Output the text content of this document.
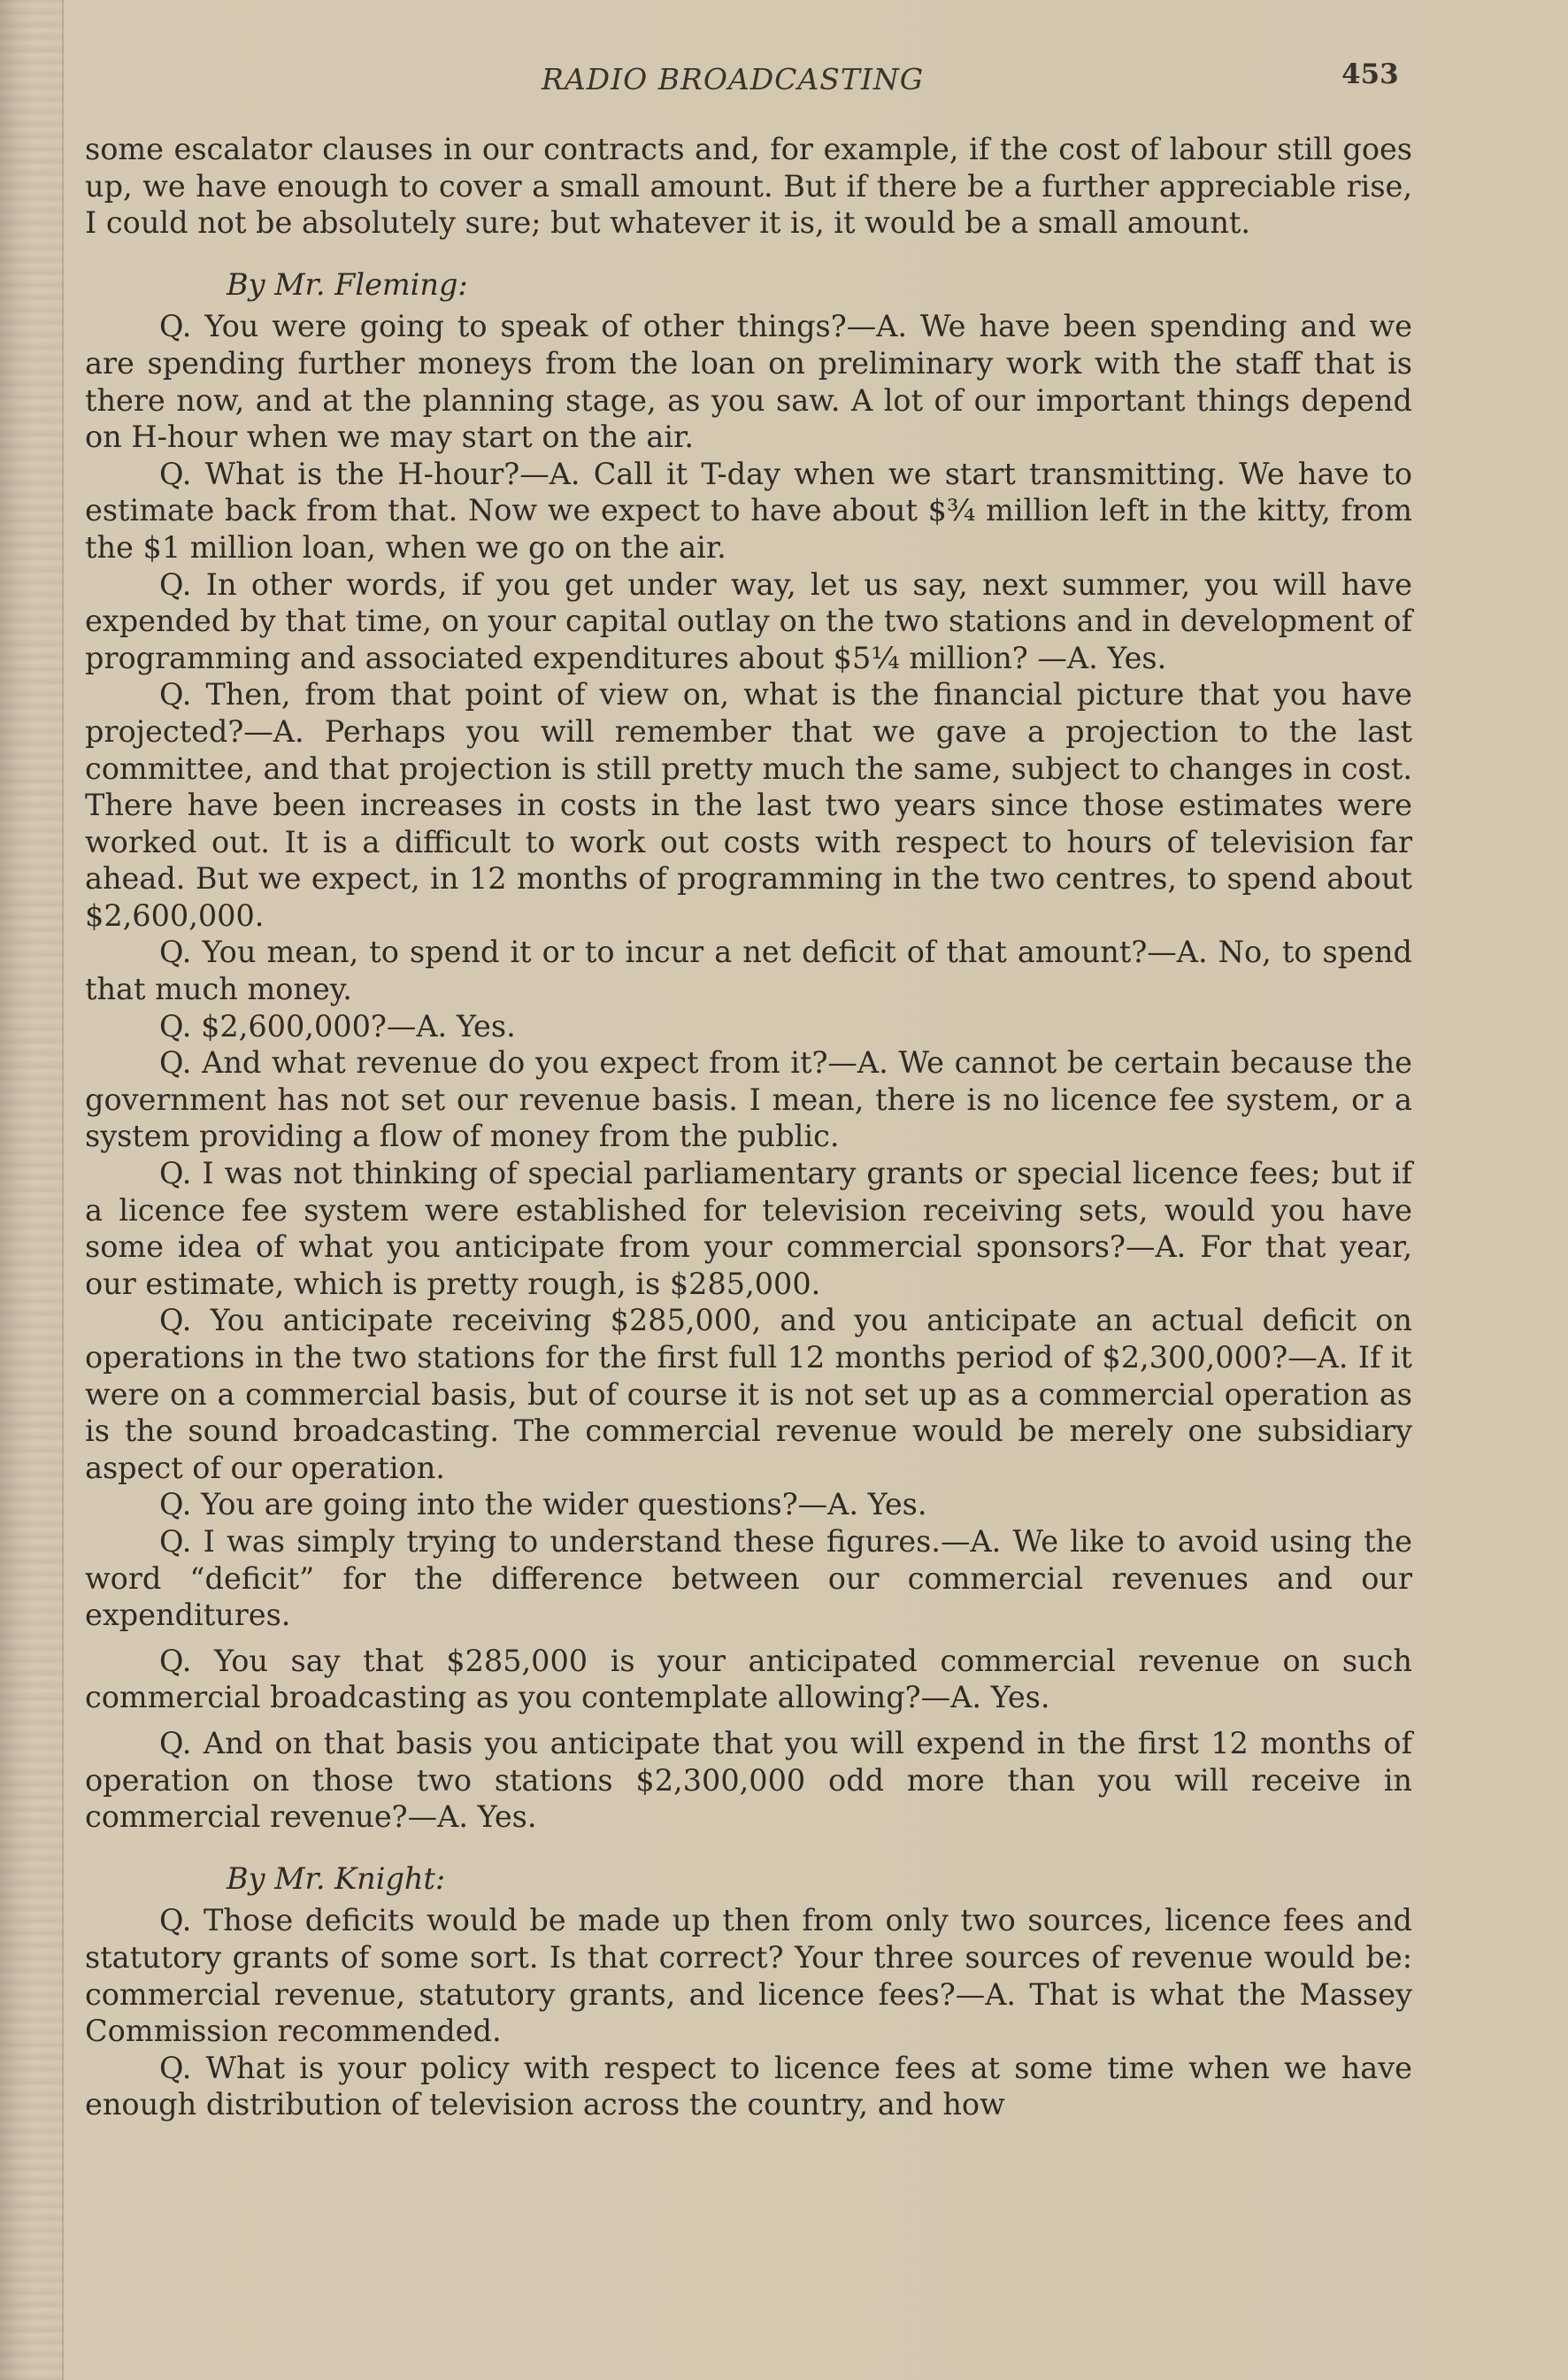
RADIO BROADCASTING	453

some escalator clauses in our contracts and, for example, if the cost of labour still goes up, we have enough to cover a small amount. But if there be a further appreciable rise, I could not be absolutely sure; but whatever it is, it would be a small amount.

By Mr. Fleming:

Q. You were going to speak of other things?—A. We have been spending and we are spending further moneys from the loan on preliminary work with the staff that is there now, and at the planning stage, as you saw. A lot of our important things depend on H-hour when we may start on the air.

Q. What is the H-hour?—A. Call it T-day when we start transmitting. We have to estimate back from that. Now we expect to have about $¾ million left in the kitty, from the $1 million loan, when we go on the air.

Q. In other words, if you get under way, let us say, next summer, you will have expended by that time, on your capital outlay on the two stations and in development of programming and associated expenditures about $5¼ million? —A. Yes.

Q. Then, from that point of view on, what is the financial picture that you have projected?—A. Perhaps you will remember that we gave a projection to the last committee, and that projection is still pretty much the same, subject to changes in cost. There have been increases in costs in the last two years since those estimates were worked out. It is a difficult to work out costs with respect to hours of television far ahead. But we expect, in 12 months of programming in the two centres, to spend about $2,600,000.

Q. You mean, to spend it or to incur a net deficit of that amount?—A. No, to spend that much money.

Q. $2,600,000?—A. Yes.

Q. And what revenue do you expect from it?—A. We cannot be certain because the government has not set our revenue basis. I mean, there is no licence fee system, or a system providing a flow of money from the public.

Q. I was not thinking of special parliamentary grants or special licence fees; but if a licence fee system were established for television receiving sets, would you have some idea of what you anticipate from your commercial sponsors?—A. For that year, our estimate, which is pretty rough, is $285,000.

Q. You anticipate receiving $285,000, and you anticipate an actual deficit on operations in the two stations for the first full 12 months period of $2,300,000?—A. If it were on a commercial basis, but of course it is not set up as a commercial operation as is the sound broadcasting. The commercial revenue would be merely one subsidiary aspect of our operation.

Q. You are going into the wider questions?—A. Yes.

Q. I was simply trying to understand these figures.—A. We like to avoid using the word “deficit” for the difference between our commercial revenues and our expenditures.

Q. You say that $285,000 is your anticipated commercial revenue on such commercial broadcasting as you contemplate allowing?—A. Yes.

Q. And on that basis you anticipate that you will expend in the first 12 months of operation on those two stations $2,300,000 odd more than you will receive in commercial revenue?—A. Yes.

By Mr. Knight:

Q. Those deficits would be made up then from only two sources, licence fees and statutory grants of some sort. Is that correct? Your three sources of revenue would be: commercial revenue, statutory grants, and licence fees?—A. That is what the Massey Commission recommended.

Q. What is your policy with respect to licence fees at some time when we have enough distribution of television across the country, and how
